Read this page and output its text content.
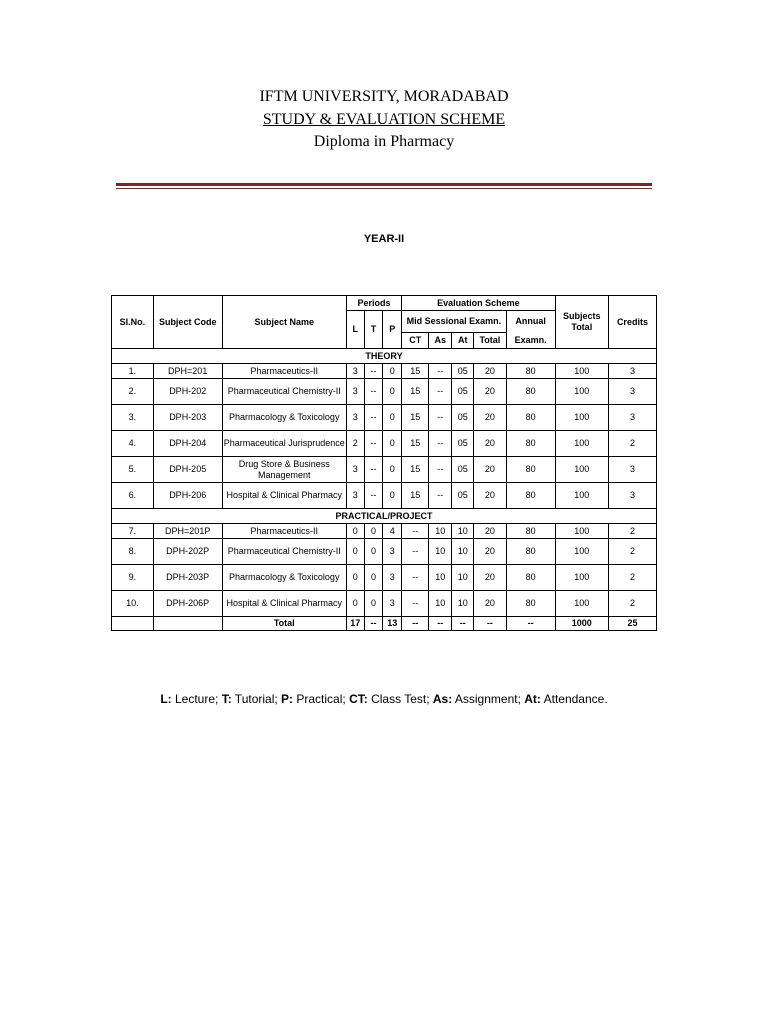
IFTM UNIVERSITY, MORADABAD
STUDY & EVALUATION SCHEME
Diploma in Pharmacy
YEAR-II
Sl.No.	Subject Code	Subject Name	Periods			Evaluation Scheme					Subjects Total	Credits
			L	T	P	Mid Sessional Examn.				Annual		
						CT	As	At	Total	Examn.		
THEORY												
1.	DPH=201	Pharmaceutics-II	3	--	0	15	--	05	20	80	100	3
2.	DPH-202	Pharmaceutical Chemistry-II	3	--	0	15	--	05	20	80	100	3
3.	DPH-203	Pharmacology & Toxicology	3	--	0	15	--	05	20	80	100	3
4.	DPH-204	Pharmaceutical Jurisprudence	2	--	0	15	--	05	20	80	100	2
5.	DPH-205	Drug Store & Business Management	3	--	0	15	--	05	20	80	100	3
6.	DPH-206	Hospital & Clinical Pharmacy	3	--	0	15	--	05	20	80	100	3
PRACTICAL/PROJECT												
7.	DPH=201P	Pharmaceutics-II	0	0	4	--	10	10	20	80	100	2
8.	DPH-202P	Pharmaceutical Chemistry-II	0	0	3	--	10	10	20	80	100	2
9.	DPH-203P	Pharmacology & Toxicology	0	0	3	--	10	10	20	80	100	2
10.	DPH-206P	Hospital & Clinical Pharmacy	0	0	3	--	10	10	20	80	100	2
		Total	17	--	13	--	--	--	--	--	1000	25
L: Lecture; T: Tutorial; P: Practical; CT: Class Test; As: Assignment; At: Attendance.
